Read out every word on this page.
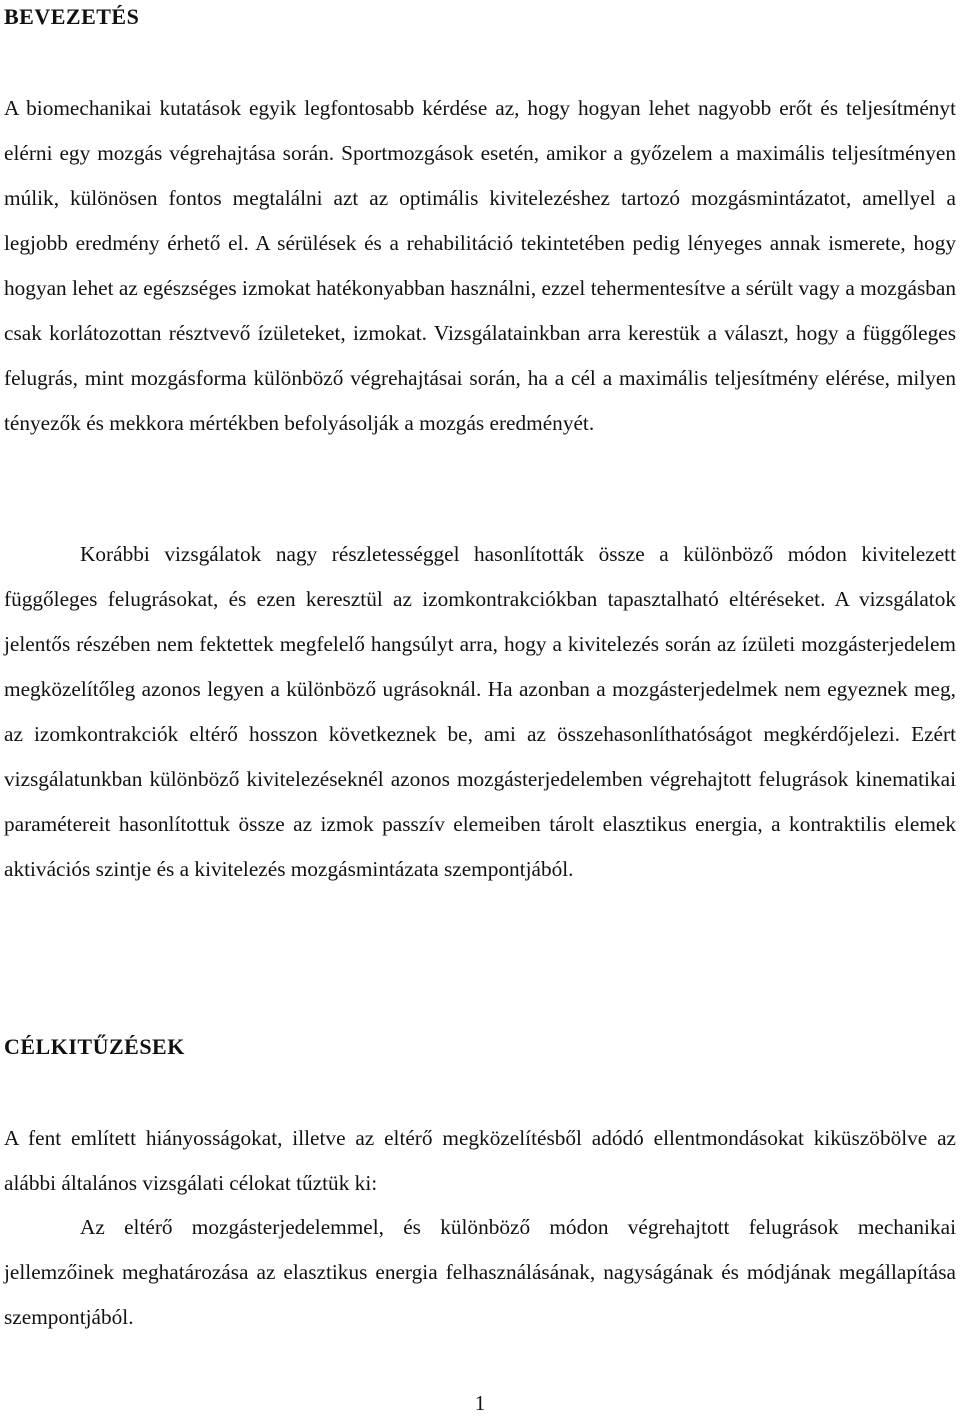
BEVEZETÉS

A biomechanikai kutatások egyik legfontosabb kérdése az, hogy hogyan lehet nagyobb erőt és teljesítményt elérni egy mozgás végrehajtása során. Sportmozgások esetén, amikor a győzelem a maximális teljesítményen múlik, különösen fontos megtalálni azt az optimális kivitelezéshez tartozó mozgásmintázatot, amellyel a legjobb eredmény érhető el. A sérülések és a rehabilitáció tekintetében pedig lényeges annak ismerete, hogy hogyan lehet az egészséges izmokat hatékonyabban használni, ezzel tehermentesítve a sérült vagy a mozgásban csak korlátozottan résztvevő ízületeket, izmokat. Vizsgálatainkban arra kerestük a választ, hogy a függőleges felugrás, mint mozgásforma különböző végrehajtásai során, ha a cél a maximális teljesítmény elérése, milyen tényezők és mekkora mértékben befolyásolják a mozgás eredményét.

Korábbi vizsgálatok nagy részletességgel hasonlították össze a különböző módon kivitelezett függőleges felugrásokat, és ezen keresztül az izomkontrakciókban tapasztalható eltéréseket. A vizsgálatok jelentős részében nem fektettek megfelelő hangsúlyt arra, hogy a kivitelezés során az ízületi mozgásterjedelem megközelítőleg azonos legyen a különböző ugrásoknál. Ha azonban a mozgásterjedelmek nem egyeznek meg, az izomkontrakciók eltérő hosszon következnek be, ami az összehasonlíthatóságot megkérdőjelezi. Ezért vizsgálatunkban különböző kivitelezéseknél azonos mozgásterjedelemben végrehajtott felugrások kinematikai paramétereit hasonlítottuk össze az izmok passzív elemeiben tárolt elasztikus energia, a kontraktilis elemek aktivációs szintje és a kivitelezés mozgásmintázata szempontjából.

CÉLKITŰZÉSEK

A fent említett hiányosságokat, illetve az eltérő megközelítésből adódó ellentmondásokat kiküszöbölve az alábbi általános vizsgálati célokat tűztük ki:

Az eltérő mozgásterjedelemmel, és különböző módon végrehajtott felugrások mechanikai jellemzőinek meghatározása az elasztikus energia felhasználásának, nagyságának és módjának megállapítása szempontjából.

1
